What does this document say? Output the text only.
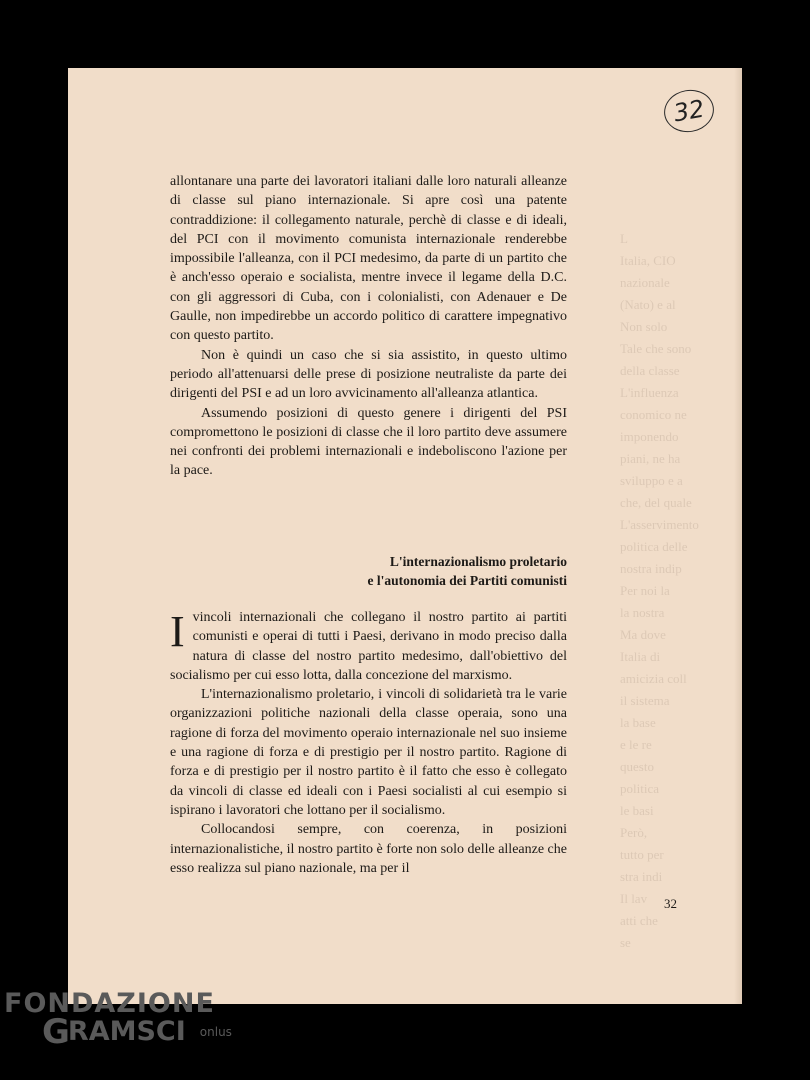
L
Italia, CIO
nazionale
(Nato) e al
Non solo
Tale che sono
della classe
L'influenza
conomico ne
imponendo
piani, ne ha
sviluppo e a
che, del quale
L'asservimento
politica delle
nostra indip
Per noi la
la nostra
Ma dove
Italia di
amicizia coll
il sistema
la base
e le re
questo
politica
le basi
Però,
tutto per
stra indi
Il lav
atti che
se
32

allontanare una parte dei lavoratori italiani dalle loro naturali alleanze di classe sul piano internazionale. Si apre così una patente contraddizione: il collegamento naturale, perchè di classe e di ideali, del PCI con il movimento comunista internazionale renderebbe impossibile l'alleanza, con il PCI medesimo, da parte di un partito che è anch'esso operaio e socialista, mentre invece il legame della D.C. con gli aggressori di Cuba, con i colonialisti, con Adenauer e De Gaulle, non impedirebbe un accordo politico di carattere impegnativo con questo partito.

Non è quindi un caso che si sia assistito, in questo ultimo periodo all'attenuarsi delle prese di posizione neutraliste da parte dei dirigenti del PSI e ad un loro avvicinamento all'alleanza atlantica.

Assumendo posizioni di questo genere i dirigenti del PSI compromettono le posizioni di classe che il loro partito deve assumere nei confronti dei problemi internazionali e indeboliscono l'azione per la pace.

L'internazionalismo proletario
e l'autonomia dei Partiti comunisti

Ivincoli internazionali che collegano il nostro partito ai partiti comunisti e operai di tutti i Paesi, derivano in modo preciso dalla natura di classe del nostro partito medesimo, dall'obiettivo del socialismo per cui esso lotta, dalla concezione del marxismo.

L'internazionalismo proletario, i vincoli di solidarietà tra le varie organizzazioni politiche nazionali della classe operaia, sono una ragione di forza del movimento operaio internazionale nel suo insieme e una ragione di forza e di prestigio per il nostro partito. Ragione di forza e di prestigio per il nostro partito è il fatto che esso è collegato da vincoli di classe ed ideali con i Paesi socialisti al cui esempio si ispirano i lavoratori che lottano per il socialismo.

Collocandosi sempre, con coerenza, in posizioni internazionalistiche, il nostro partito è forte non solo delle alleanze che esso realizza sul piano nazionale, ma per il

32
FONDAZIONE
G
RAMSCI onlus
